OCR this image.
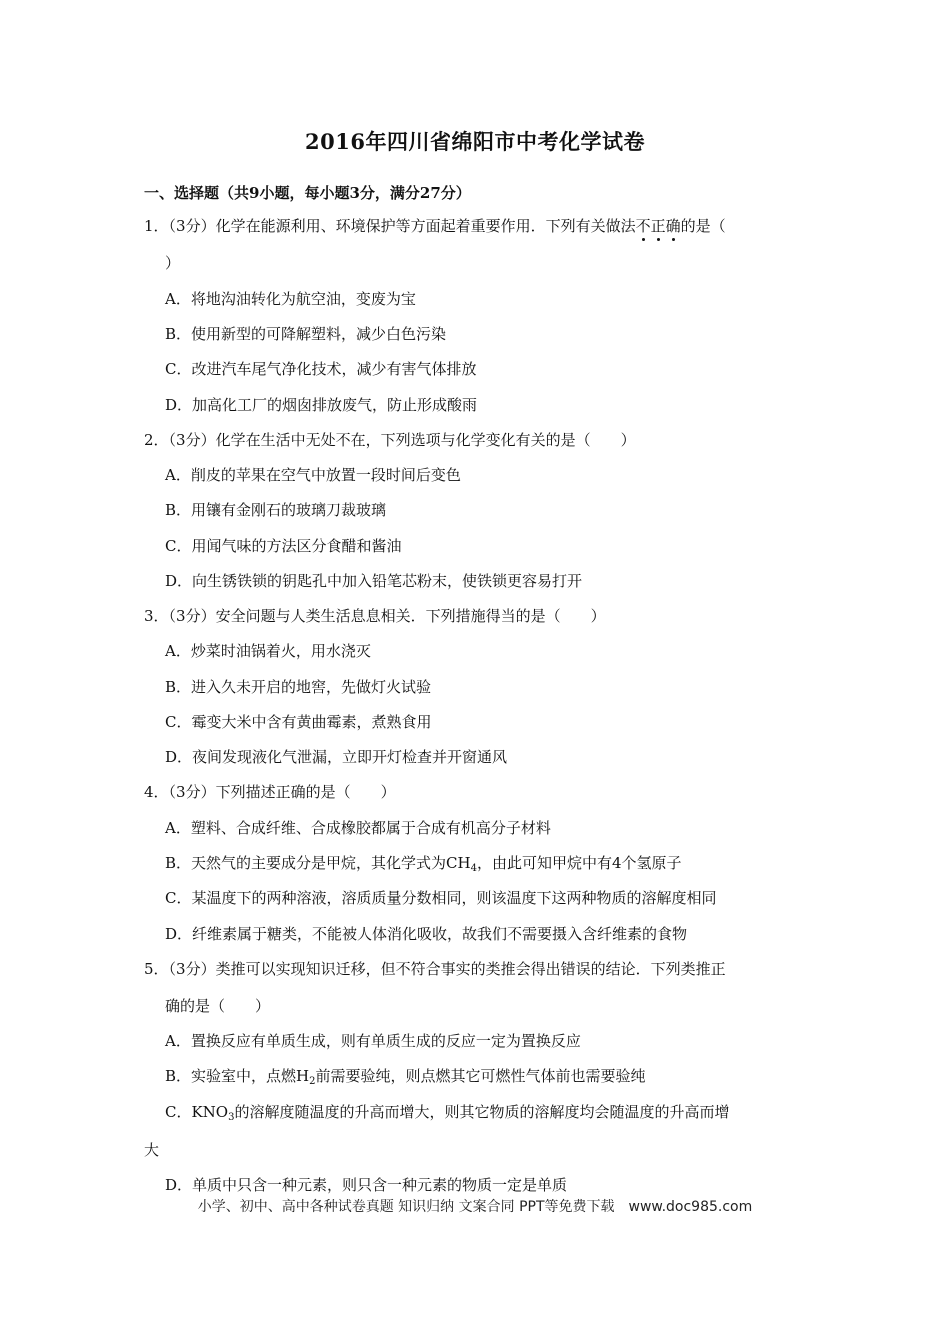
2016年四川省绵阳市中考化学试卷
一、选择题（共9小题，每小题3分，满分27分）
1．（3分）化学在能源利用、环境保护等方面起着重要作用．下列有关做法不正确的是（
）
A．将地沟油转化为航空油，变废为宝
B．使用新型的可降解塑料，减少白色污染
C．改进汽车尾气净化技术，减少有害气体排放
D．加高化工厂的烟囱排放废气，防止形成酸雨
2．（3分）化学在生活中无处不在，下列选项与化学变化有关的是（　　）
A．削皮的苹果在空气中放置一段时间后变色
B．用镶有金刚石的玻璃刀裁玻璃
C．用闻气味的方法区分食醋和酱油
D．向生锈铁锁的钥匙孔中加入铅笔芯粉末，使铁锁更容易打开
3．（3分）安全问题与人类生活息息相关．下列措施得当的是（　　）
A．炒菜时油锅着火，用水浇灭
B．进入久未开启的地窖，先做灯火试验
C．霉变大米中含有黄曲霉素，煮熟食用
D．夜间发现液化气泄漏，立即开灯检查并开窗通风
4．（3分）下列描述正确的是（　　）
A．塑料、合成纤维、合成橡胶都属于合成有机高分子材料
B．天然气的主要成分是甲烷，其化学式为$CH_4$，由此可知甲烷中有4个氢原子
C．某温度下的两种溶液，溶质质量分数相同，则该温度下这两种物质的溶解度相同
D．纤维素属于糖类，不能被人体消化吸收，故我们不需要摄入含纤维素的食物
5．（3分）类推可以实现知识迁移，但不符合事实的类推会得出错误的结论．下列类推正
确的是（　　）
A．置换反应有单质生成，则有单质生成的反应一定为置换反应
B．实验室中，点燃$H_2$前需要验纯，则点燃其它可燃性气体前也需要验纯
C．$KNO_3$的溶解度随温度的升高而增大，则其它物质的溶解度均会随温度的升高而增
大
D．单质中只含一种元素，则只含一种元素的物质一定是单质
小学、初中、高中各种试卷真题 知识归纳 文案合同 PPT等免费下载　www.doc985.com
